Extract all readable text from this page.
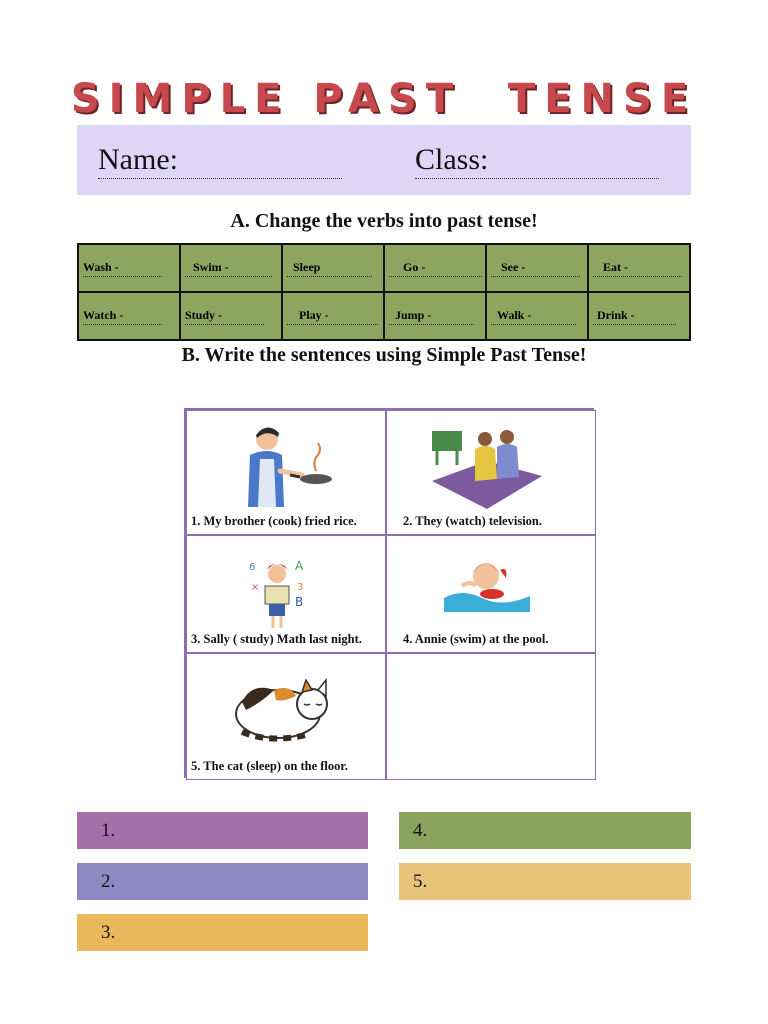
SIMPLE PAST  TENSE
Name:	Class:
A. Change the verbs into past tense!
Wash -	Swim -	Sleep	Go -	See -	Eat -
Watch -	Study -	Play -	Jump -	Walk -	Drink -
B. Write the sentences using Simple Past Tense!
1. My brother (cook) fried rice.	2. They (watch) television.
6
×
A
3
B
3. Sally ( study) Math last night.	4. Annie (swim) at the pool.
5. The cat (sleep) on the floor.
1.
2.
3.
4.
5.
